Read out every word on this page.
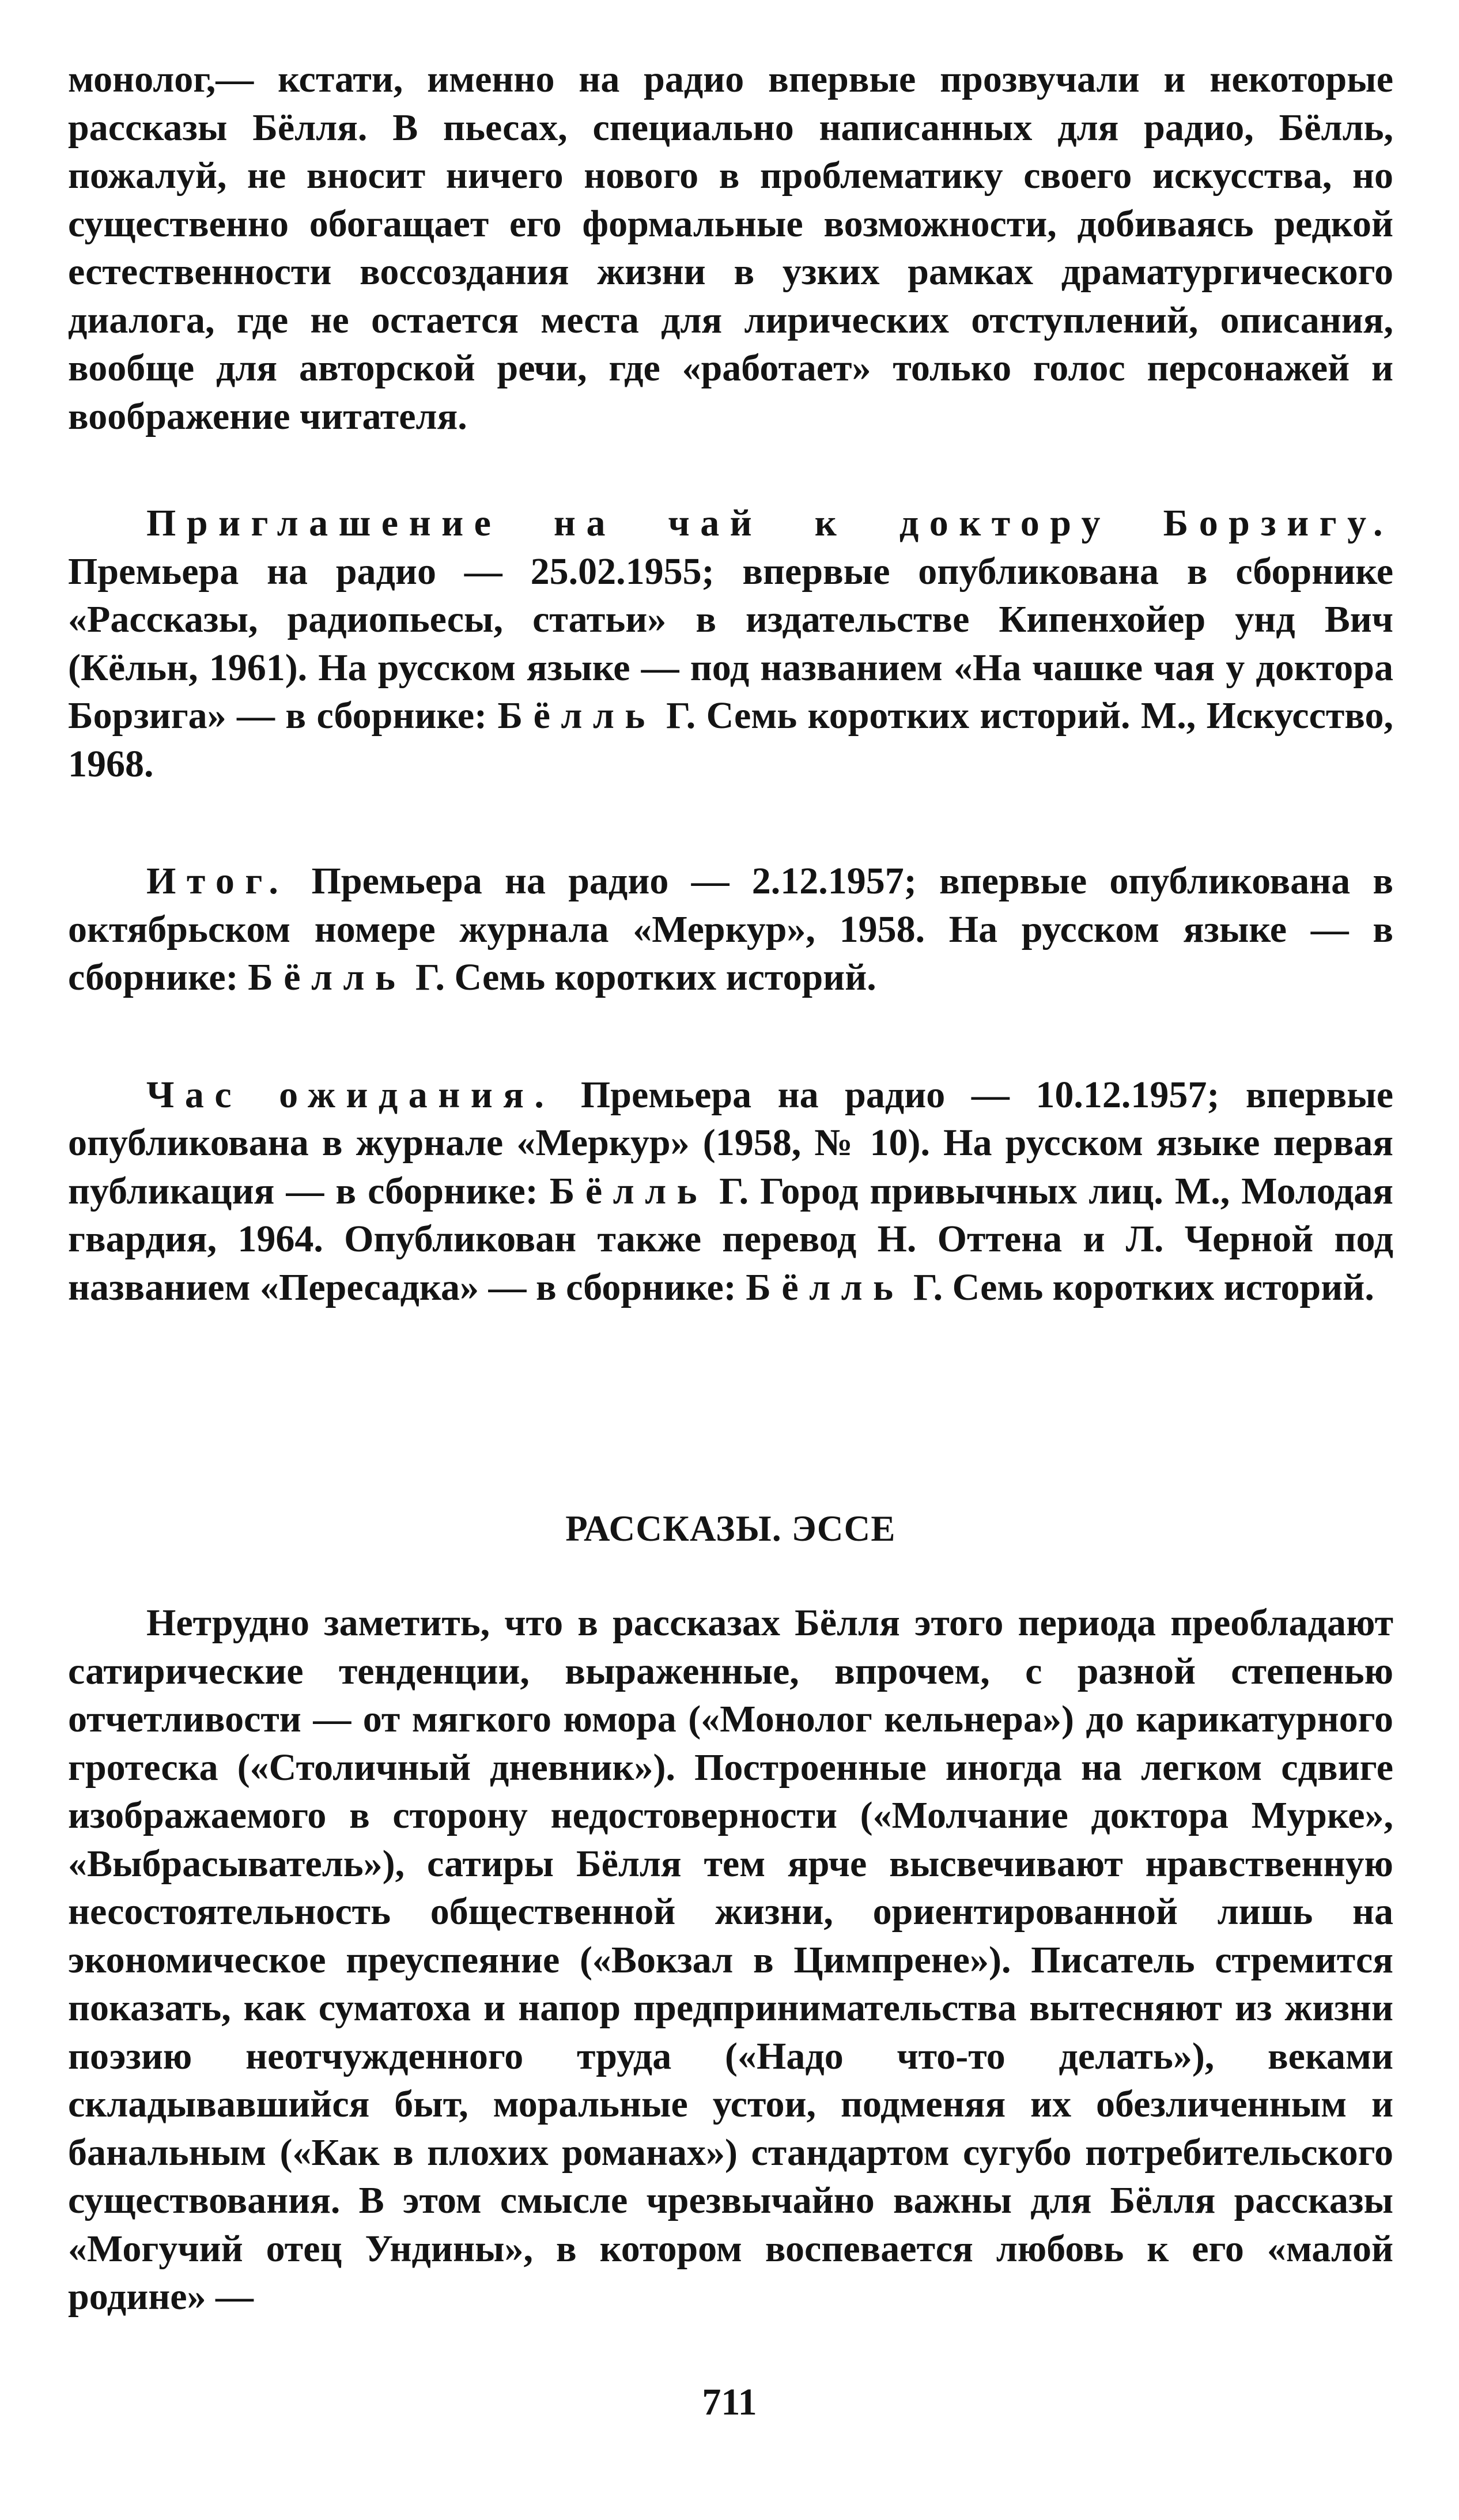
монолог,— кстати, именно на радио впервые прозвучали и некоторые рассказы Бёлля. В пьесах, специально написанных для радио, Бёлль, пожалуй, не вносит ничего нового в проблематику своего искусства, но существенно обогащает его формальные возможности, добиваясь редкой естественности воссоздания жизни в узких рамках драматургического диалога, где не остается места для лирических отступлений, описания, вообще для авторской речи, где «работает» только голос персонажей и воображение читателя.

Приглашение на чай к доктору Борзигу. Премьера на радио — 25.02.1955; впервые опубликована в сборнике «Рассказы, радиопьесы, статьи» в издательстве Кипенхойер унд Вич (Кёльн, 1961). На русском языке — под названием «На чашке чая у доктора Борзига» — в сборнике: Бёлль Г. Семь коротких историй. М., Искусство, 1968.

Итог. Премьера на радио — 2.12.1957; впервые опубликована в октябрьском номере журнала «Меркур», 1958. На русском языке — в сборнике: Бёлль Г. Семь коротких историй.

Час ожидания. Премьера на радио — 10.12.1957; впервые опубликована в журнале «Меркур» (1958, № 10). На русском языке первая публикация — в сборнике: Бёлль Г. Город привычных лиц. М., Молодая гвардия, 1964. Опубликован также перевод Н. Оттена и Л. Черной под названием «Пересадка» — в сборнике: Бёлль Г. Семь коротких историй.

РАССКАЗЫ. ЭССЕ

Нетрудно заметить, что в рассказах Бёлля этого периода преобладают сатирические тенденции, выраженные, впрочем, с разной степенью отчетливости — от мягкого юмора («Монолог кельнера») до карикатурного гротеска («Столичный дневник»). Построенные иногда на легком сдвиге изображаемого в сторону недостоверности («Молчание доктора Мурке», «Выбрасыватель»), сатиры Бёлля тем ярче высвечивают нравственную несостоятельность общественной жизни, ориентированной лишь на экономическое преуспеяние («Вокзал в Цимпрене»). Писатель стремится показать, как суматоха и напор предпринимательства вытесняют из жизни поэзию неотчужденного труда («Надо что-то делать»), веками складывавшийся быт, моральные устои, подменяя их обезличенным и банальным («Как в плохих романах») стандартом сугубо потребительского существования. В этом смысле чрезвычайно важны для Бёлля рассказы «Могучий отец Ундины», в котором воспевается любовь к его «малой родине» —

711
